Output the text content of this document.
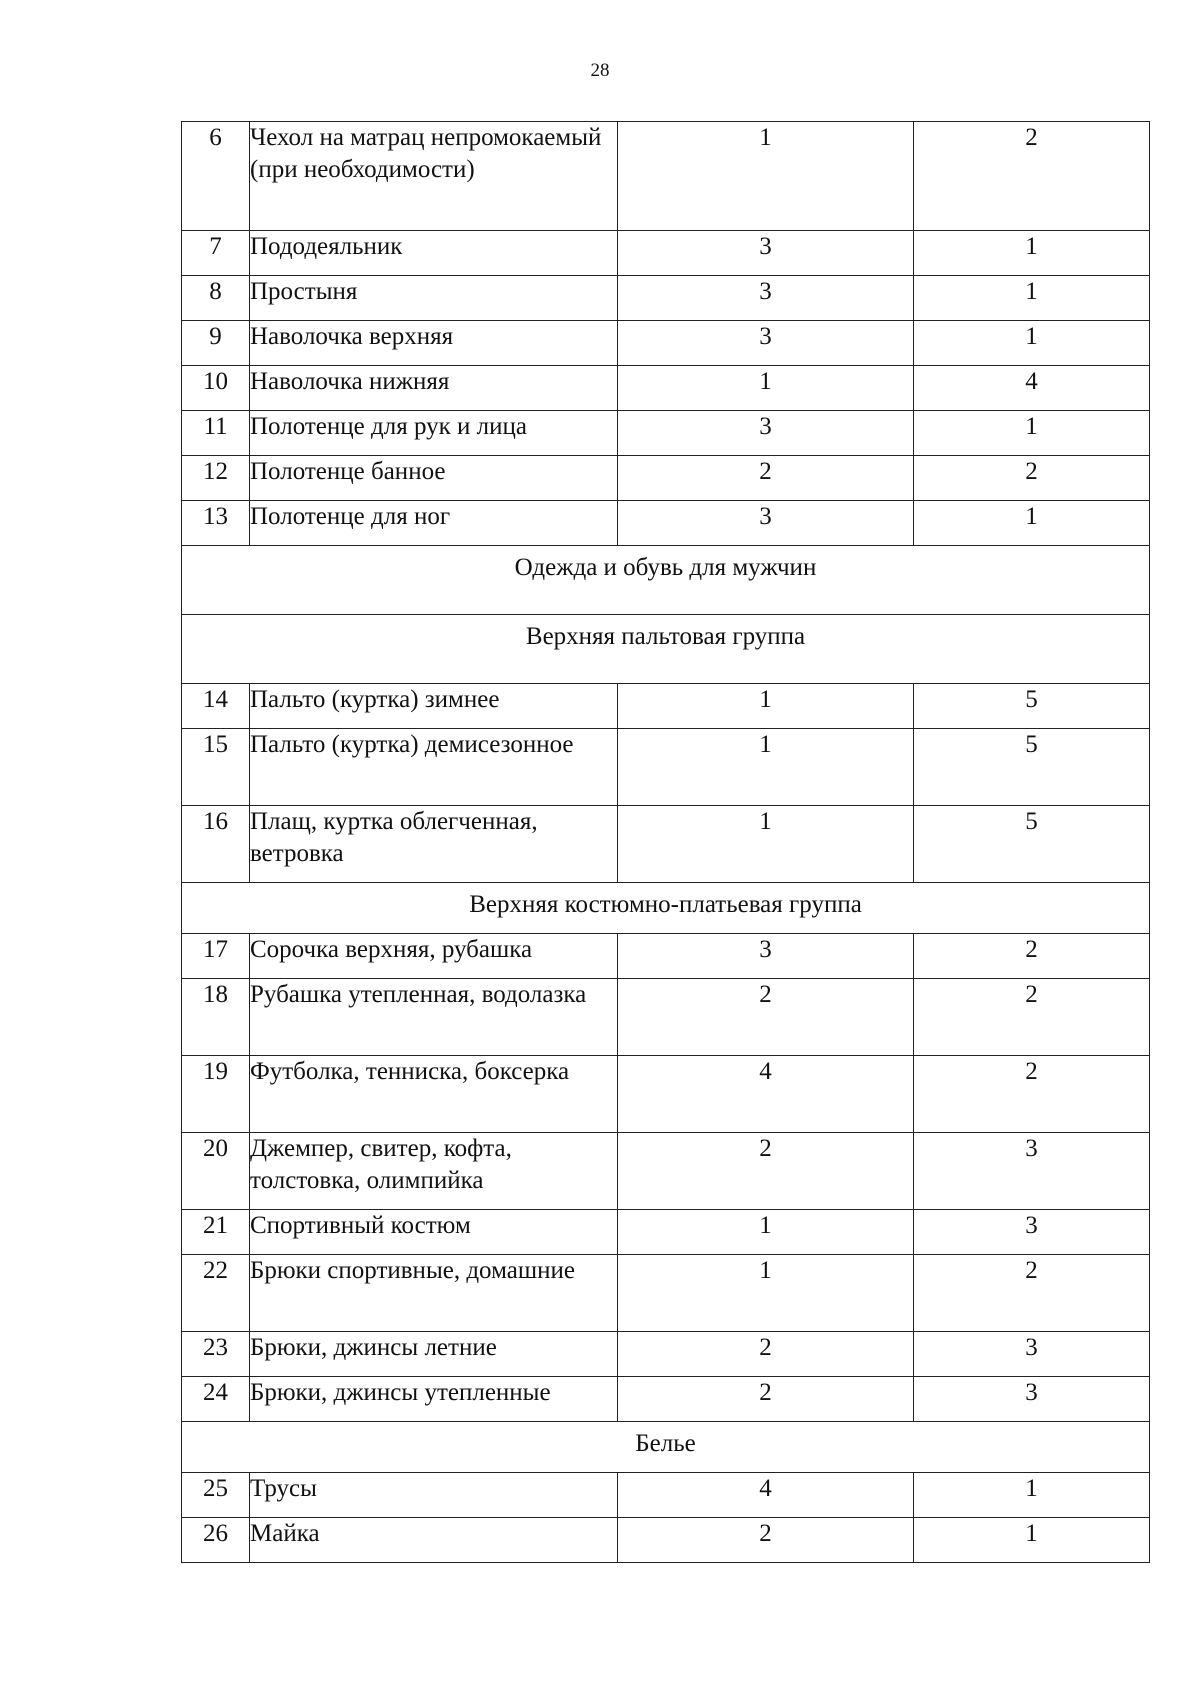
28
6	Чехол на матрац непромокаемый (при необходимости)	1	2
7	Пододеяльник	3	1
8	Простыня	3	1
9	Наволочка верхняя	3	1
10	Наволочка нижняя	1	4
11	Полотенце для рук и лица	3	1
12	Полотенце банное	2	2
13	Полотенце для ног	3	1
Одежда и обувь для мужчин			
Верхняя пальтовая группа			
14	Пальто (куртка) зимнее	1	5
15	Пальто (куртка) демисезонное	1	5
16	Плащ, куртка облегченная, ветровка	1	5
Верхняя костюмно-платьевая группа			
17	Сорочка верхняя, рубашка	3	2
18	Рубашка утепленная, водолазка	2	2
19	Футболка, тенниска, боксерка	4	2
20	Джемпер, свитер, кофта, толстовка, олимпийка	2	3
21	Спортивный костюм	1	3
22	Брюки спортивные, домашние	1	2
23	Брюки, джинсы летние	2	3
24	Брюки, джинсы утепленные	2	3
Белье			
25	Трусы	4	1
26	Майка	2	1
